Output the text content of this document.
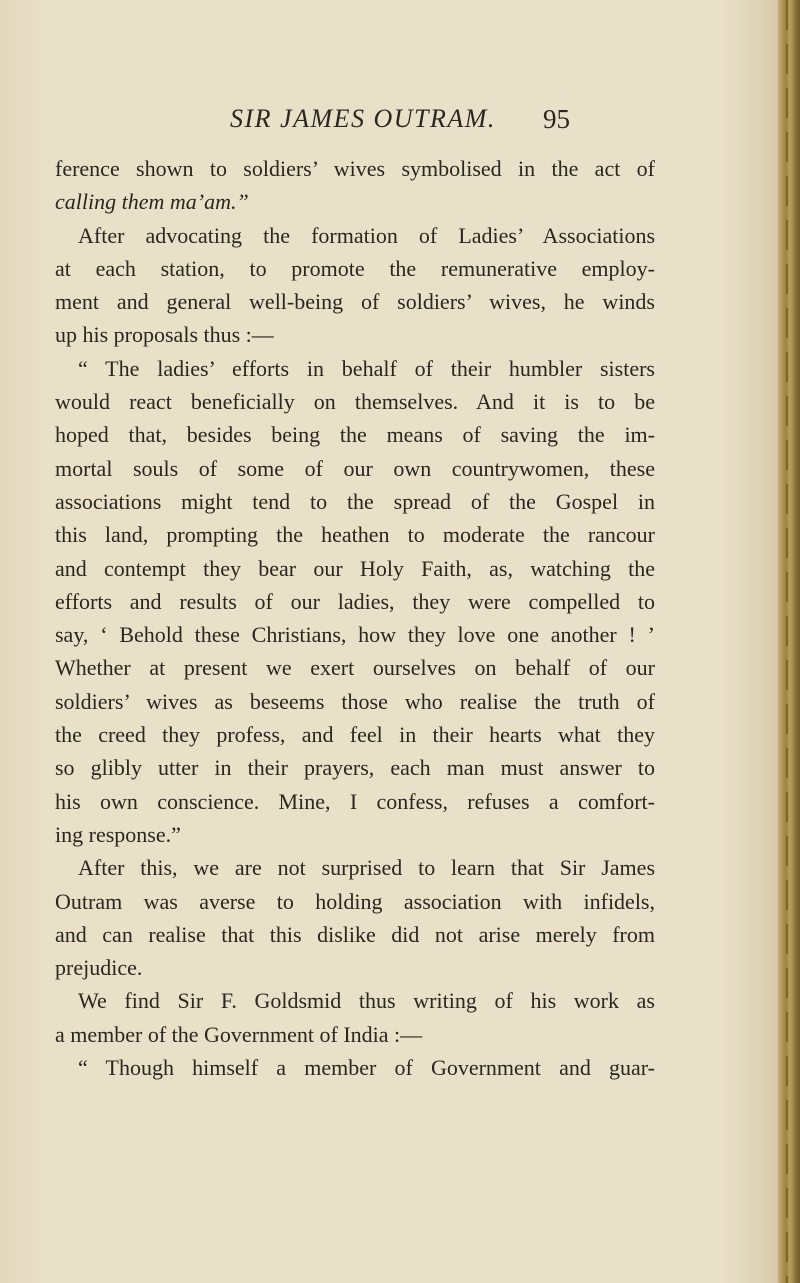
SIR JAMES OUTRAM. 95
ference shown to soldiers’ wives symbolised in the act of
calling them ma’am.”
After advocating the formation of Ladies’ Associations
at each station, to promote the remunerative employ-
ment and general well-being of soldiers’ wives, he winds
up his proposals thus :—
“ The ladies’ efforts in behalf of their humbler sisters
would react beneficially on themselves. And it is to be
hoped that, besides being the means of saving the im-
mortal souls of some of our own countrywomen, these
associations might tend to the spread of the Gospel in
this land, prompting the heathen to moderate the rancour
and contempt they bear our Holy Faith, as, watching the
efforts and results of our ladies, they were compelled to
say, ‘ Behold these Christians, how they love one another ! ’
Whether at present we exert ourselves on behalf of our
soldiers’ wives as beseems those who realise the truth of
the creed they profess, and feel in their hearts what they
so glibly utter in their prayers, each man must answer to
his own conscience. Mine, I confess, refuses a comfort-
ing response.”
After this, we are not surprised to learn that Sir James
Outram was averse to holding association with infidels,
and can realise that this dislike did not arise merely from
prejudice.
We find Sir F. Goldsmid thus writing of his work as
a member of the Government of India :—
“ Though himself a member of Government and guar-
